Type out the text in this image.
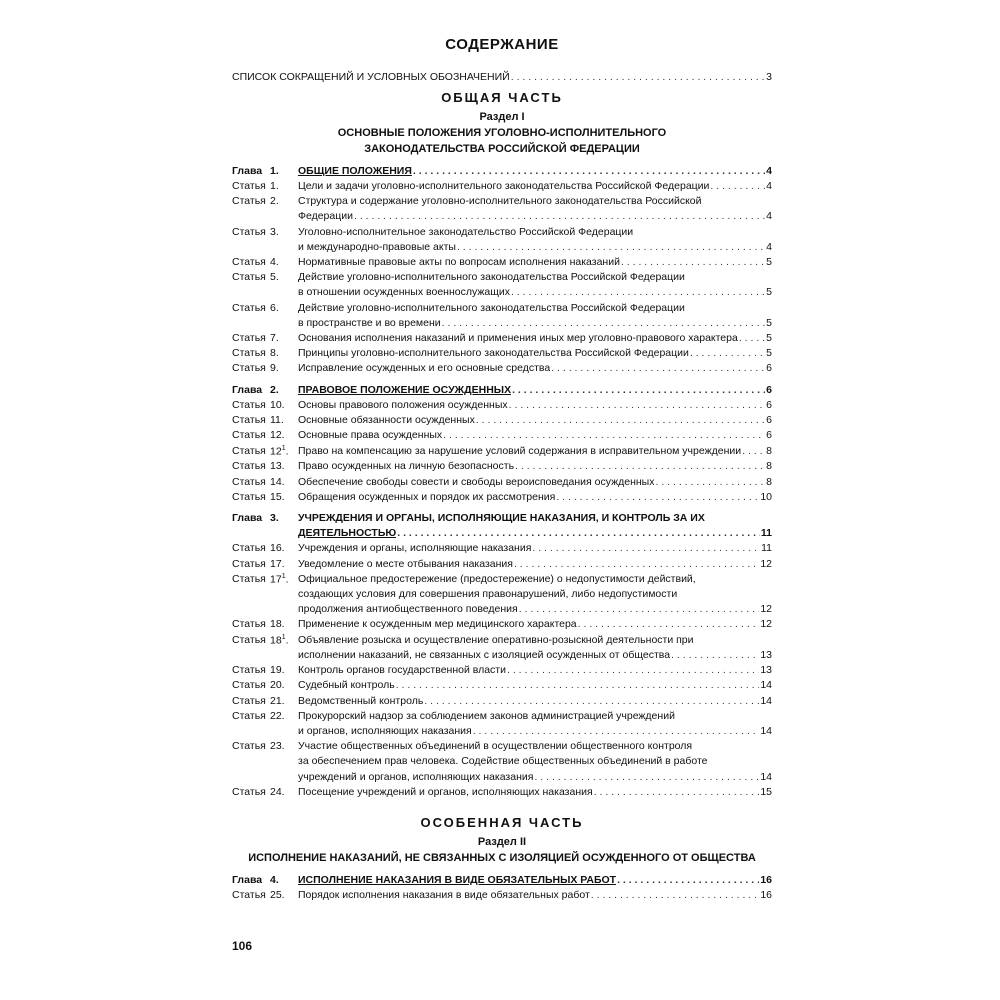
СОДЕРЖАНИЕ
СПИСОК СОКРАЩЕНИЙ И УСЛОВНЫХ ОБОЗНАЧЕНИЙ . . .	3
ОБЩАЯ ЧАСТЬ
Раздел I
ОСНОВНЫЕ ПОЛОЖЕНИЯ УГОЛОВНО-ИСПОЛНИТЕЛЬНОГО ЗАКОНОДАТЕЛЬСТВА РОССИЙСКОЙ ФЕДЕРАЦИИ
Глава 1.	ОБЩИЕ ПОЛОЖЕНИЯ . . .	4
Статья 1.	Цели и задачи уголовно-исполнительного законодательства Российской Федерации . . .	4
Статья 2.	Структура и содержание уголовно-исполнительного законодательства Российской
Федерации . . .	4
Статья 3.	Уголовно-исполнительное законодательство Российской Федерации
и международно-правовые акты . . .	4
Статья 4.	Нормативные правовые акты по вопросам исполнения наказаний . . .	5
Статья 5.	Действие уголовно-исполнительного законодательства Российской Федерации
в отношении осужденных военнослужащих . . .	5
Статья 6.	Действие уголовно-исполнительного законодательства Российской Федерации
в пространстве и во времени . . .	5
Статья 7.	Основания исполнения наказаний и применения иных мер уголовно-правового характера . . .	5
Статья 8.	Принципы уголовно-исполнительного законодательства Российской Федерации . . .	5
Статья 9.	Исправление осужденных и его основные средства . . .	6
Глава 2.	ПРАВОВОЕ ПОЛОЖЕНИЕ ОСУЖДЕННЫХ . . .	6
Статья 10.	Основы правового положения осужденных . . .	6
Статья 11.	Основные обязанности осужденных . . .	6
Статья 12.	Основные права осужденных . . .	6
Статья $12^1$. Право на компенсацию за нарушение условий содержания в исправительном учреждении . . . 8
Статья 13.	Право осужденных на личную безопасность . . .	8
Статья 14.	Обеспечение свободы совести и свободы вероисповедания осужденных . . .	8
Статья 15.	Обращения осужденных и порядок их рассмотрения . . .	10
Глава 3.	УЧРЕЖДЕНИЯ И ОРГАНЫ, ИСПОЛНЯЮЩИЕ НАКАЗАНИЯ, И КОНТРОЛЬ ЗА ИХ
ДЕЯТЕЛЬНОСТЬЮ . . .	11
Статья 16.	Учреждения и органы, исполняющие наказания . . .	11
Статья 17.	Уведомление о месте отбывания наказания . . .	12
Статья $17^1$. Официальное предостережение (предостережение) о недопустимости действий,
создающих условия для совершения правонарушений, либо недопустимости
продолжения антиобщественного поведения . . .	12
Статья 18.	Применение к осужденным мер медицинского характера . . .	12
Статья $18^1$. Объявление розыска и осуществление оперативно-розыскной деятельности при
исполнении наказаний, не связанных с изоляцией осужденных от общества . . .	13
Статья 19.	Контроль органов государственной власти . . .	13
Статья 20.	Судебный контроль . . .	14
Статья 21.	Ведомственный контроль . . .	14
Статья 22.	Прокурорский надзор за соблюдением законов администрацией учреждений
и органов, исполняющих наказания . . .	14
Статья 23.	Участие общественных объединений в осуществлении общественного контроля
за обеспечением прав человека. Содействие общественных объединений в работе
учреждений и органов, исполняющих наказания . . .	14
Статья 24.	Посещение учреждений и органов, исполняющих наказания . . .	15
ОСОБЕННАЯ ЧАСТЬ
Раздел II
ИСПОЛНЕНИЕ НАКАЗАНИЙ, НЕ СВЯЗАННЫХ С ИЗОЛЯЦИЕЙ ОСУЖДЕННОГО ОТ ОБЩЕСТВА
Глава 4.	ИСПОЛНЕНИЕ НАКАЗАНИЯ В ВИДЕ ОБЯЗАТЕЛЬНЫХ РАБОТ . . .	16
Статья 25.	Порядок исполнения наказания в виде обязательных работ . . .	16
106
